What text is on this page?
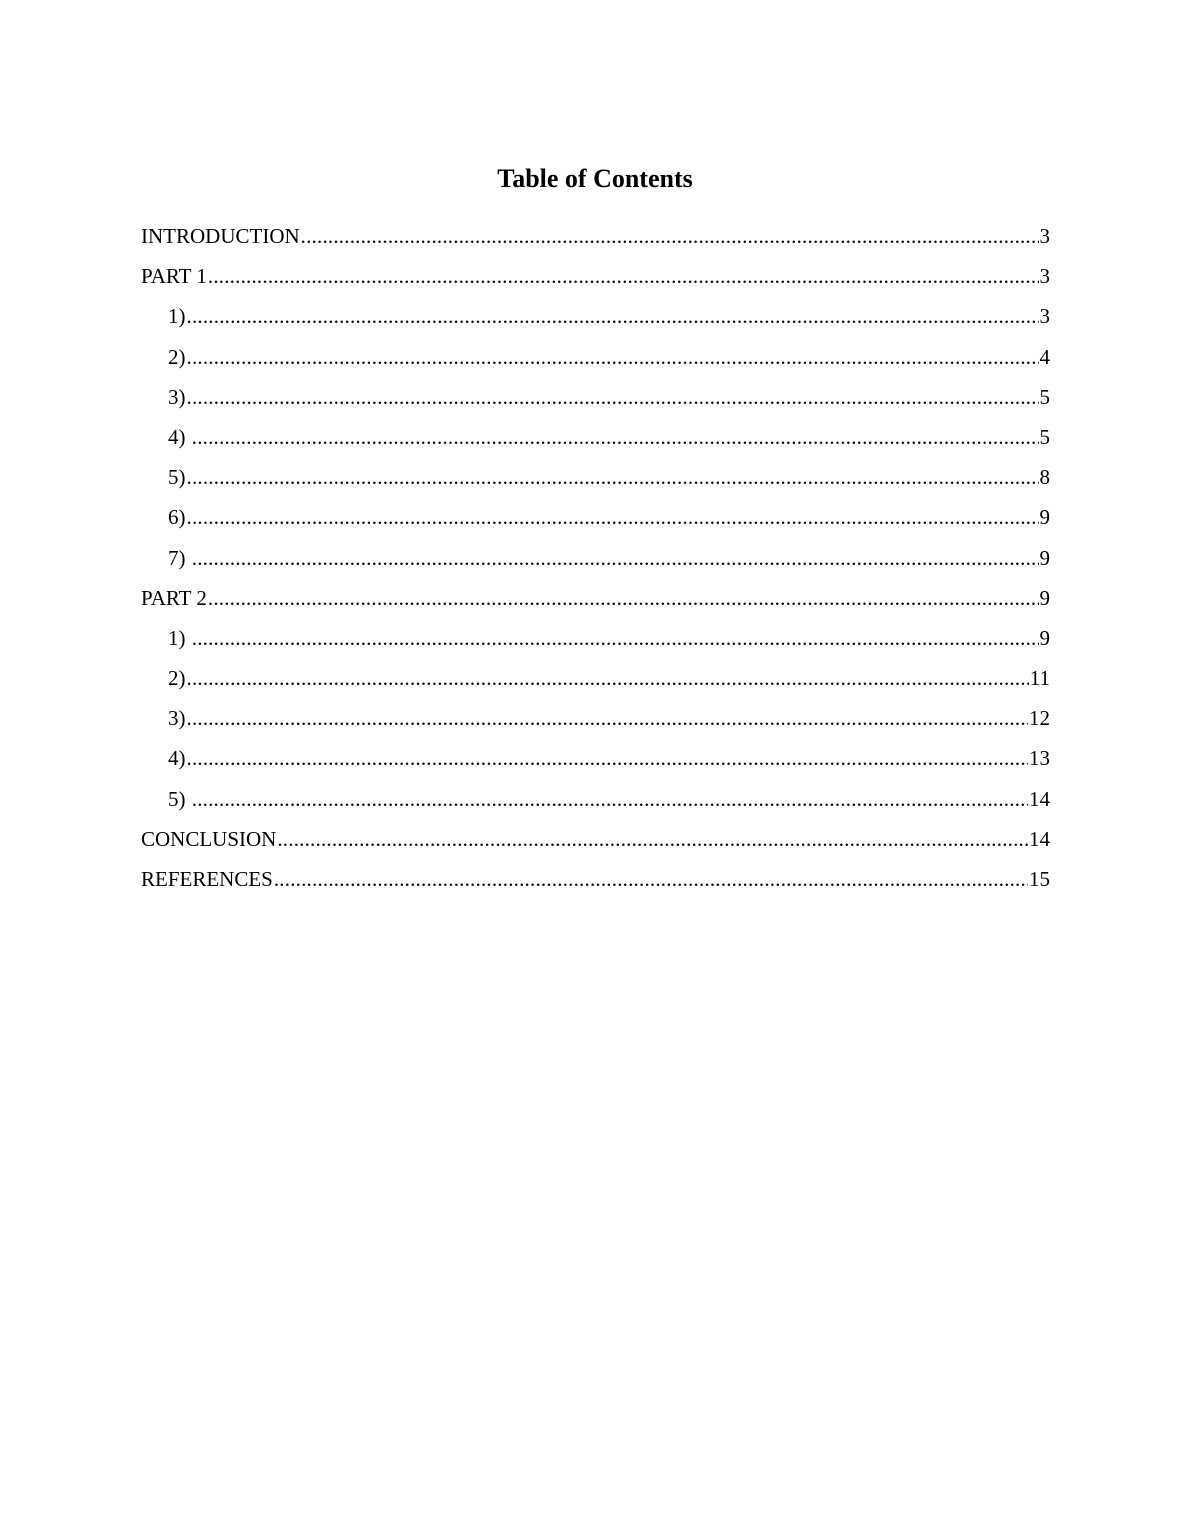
Table of Contents
INTRODUCTION .....	3
PART 1 .....	3
1) .....	3
2) .....	4
3) .....	5
4) .....	5
5) .....	8
6) .....	9
7) .....	9
PART 2 .....	9
1) .....	9
2) .....	11
3) .....	12
4) .....	13
5) .....	14
CONCLUSION .....	14
REFERENCES .....	15
